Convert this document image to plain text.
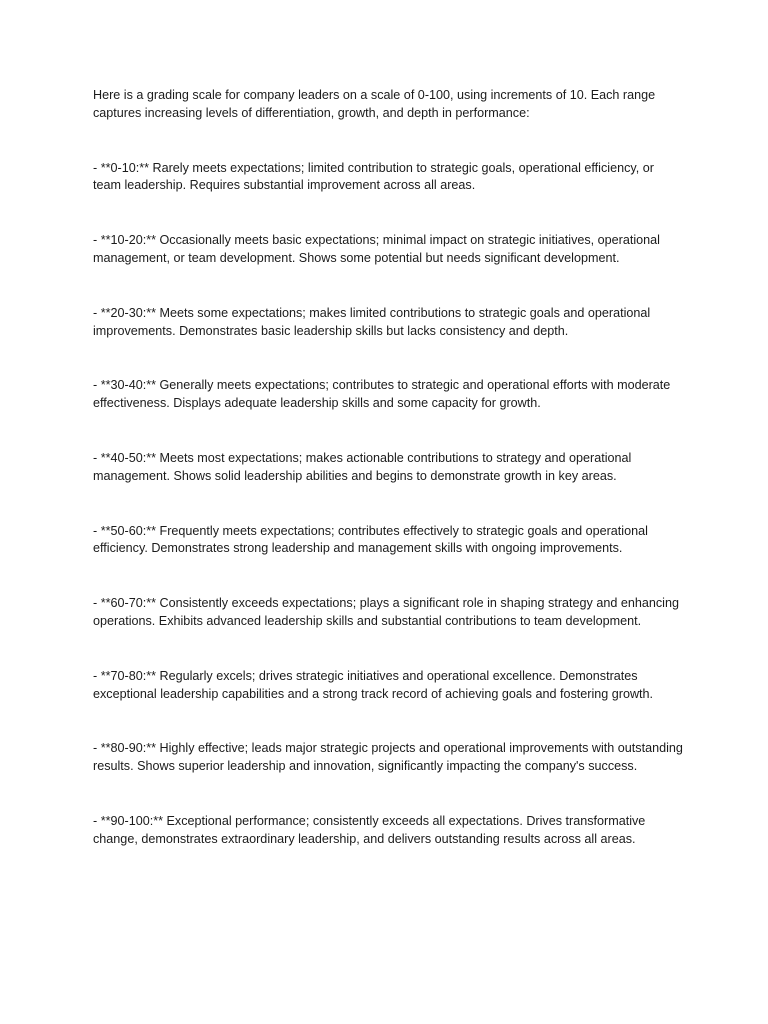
Here is a grading scale for company leaders on a scale of 0-100, using increments of 10. Each range captures increasing levels of differentiation, growth, and depth in performance:

- **0-10:** Rarely meets expectations; limited contribution to strategic goals, operational efficiency, or team leadership. Requires substantial improvement across all areas.

- **10-20:** Occasionally meets basic expectations; minimal impact on strategic initiatives, operational management, or team development. Shows some potential but needs significant development.

- **20-30:** Meets some expectations; makes limited contributions to strategic goals and operational improvements. Demonstrates basic leadership skills but lacks consistency and depth.

- **30-40:** Generally meets expectations; contributes to strategic and operational efforts with moderate effectiveness. Displays adequate leadership skills and some capacity for growth.

- **40-50:** Meets most expectations; makes actionable contributions to strategy and operational management. Shows solid leadership abilities and begins to demonstrate growth in key areas.

- **50-60:** Frequently meets expectations; contributes effectively to strategic goals and operational efficiency. Demonstrates strong leadership and management skills with ongoing improvements.

- **60-70:** Consistently exceeds expectations; plays a significant role in shaping strategy and enhancing operations. Exhibits advanced leadership skills and substantial contributions to team development.

- **70-80:** Regularly excels; drives strategic initiatives and operational excellence. Demonstrates exceptional leadership capabilities and a strong track record of achieving goals and fostering growth.

- **80-90:** Highly effective; leads major strategic projects and operational improvements with outstanding results. Shows superior leadership and innovation, significantly impacting the company's success.

- **90-100:** Exceptional performance; consistently exceeds all expectations. Drives transformative change, demonstrates extraordinary leadership, and delivers outstanding results across all areas.
